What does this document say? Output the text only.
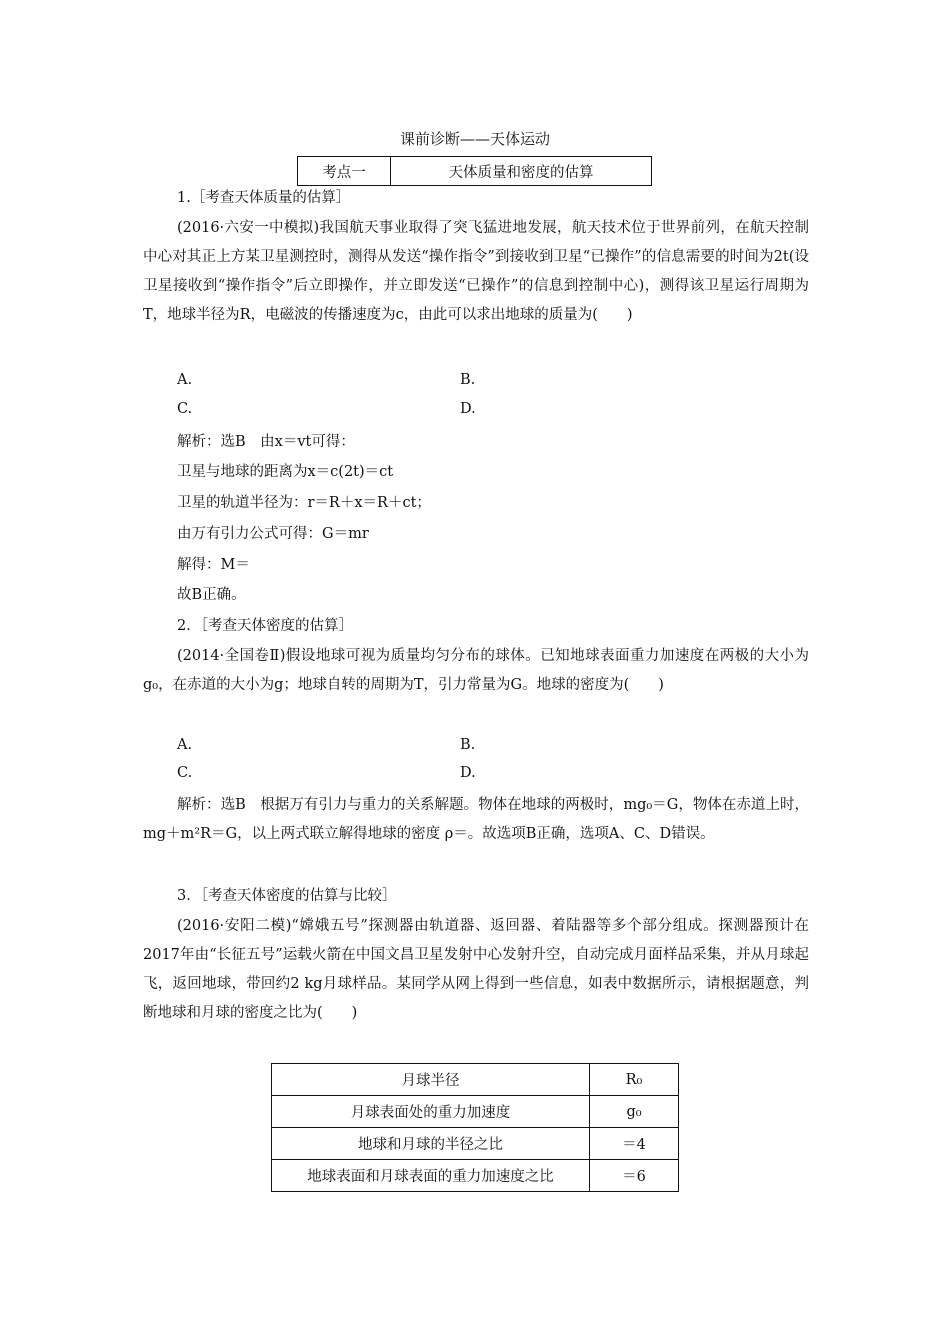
课前诊断——天体运动
考点一	天体质量和密度的估算
1.［考查天体质量的估算］
(2016·六安一中模拟)我国航天事业取得了突飞猛进地发展，航天技术位于世界前列，在航天控制中心对其正上方某卫星测控时，测得从发送“操作指令”到接收到卫星“已操作”的信息需要的时间为2t(设卫星接收到“操作指令”后立即操作，并立即发送“已操作”的信息到控制中心)，测得该卫星运行周期为T，地球半径为R，电磁波的传播速度为c，由此可以求出地球的质量为(　　)
A.	B.
C.	D.
解析：选B　由x＝vt可得：
卫星与地球的距离为x＝c(2t)＝ct
卫星的轨道半径为：r＝R＋x＝R＋ct；
由万有引力公式可得：G＝mr
解得：M＝
故B正确。
2．［考查天体密度的估算］
(2014·全国卷Ⅱ)假设地球可视为质量均匀分布的球体。已知地球表面重力加速度在两极的大小为g₀，在赤道的大小为g；地球自转的周期为T，引力常量为G。地球的密度为(　　)
A.	B.
C.	D.
解析：选B　根据万有引力与重力的关系解题。物体在地球的两极时，mg₀＝G，物体在赤道上时，mg＋m²R＝G，以上两式联立解得地球的密度 ρ＝。故选项B正确，选项A、C、D错误。
3．［考查天体密度的估算与比较］
(2016·安阳二模)“嫦娥五号”探测器由轨道器、返回器、着陆器等多个部分组成。探测器预计在2017年由“长征五号”运载火箭在中国文昌卫星发射中心发射升空，自动完成月面样品采集，并从月球起飞，返回地球，带回约2 kg月球样品。某同学从网上得到一些信息，如表中数据所示，请根据题意，判断地球和月球的密度之比为(　　)
月球半径	R₀
月球表面处的重力加速度	g₀
地球和月球的半径之比	＝4
地球表面和月球表面的重力加速度之比	＝6
